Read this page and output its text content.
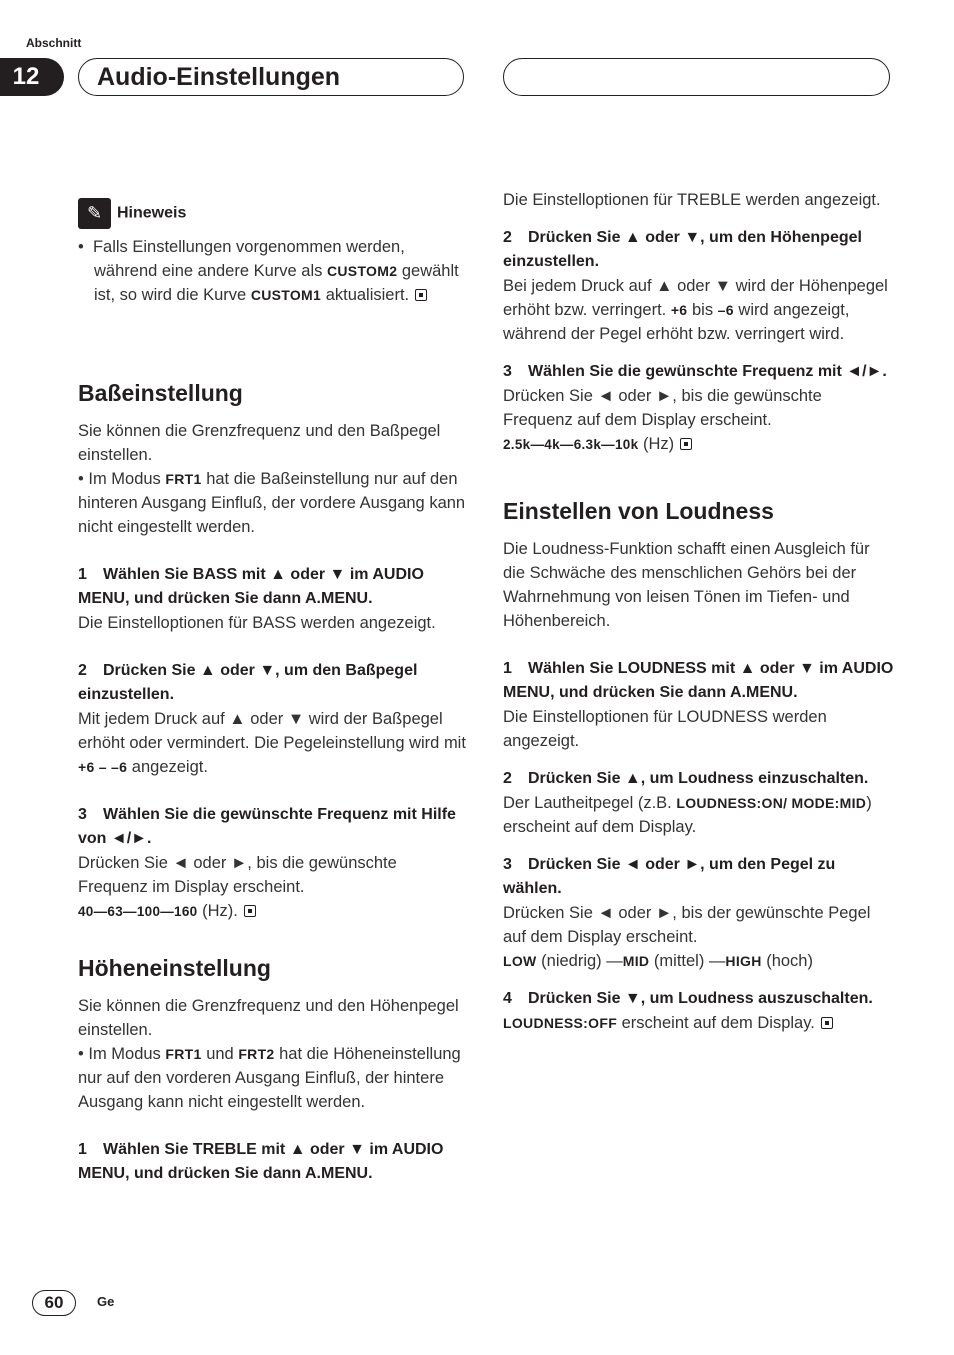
Abschnitt
12	Audio-Einstellungen
✎ Hineweis

•  Falls Einstellungen vorgenommen werden, während eine andere Kurve als CUSTOM2 gewählt ist, so wird die Kurve CUSTOM1 aktualisiert.

Baßeinstellung

Sie können die Grenzfrequenz und den Baßpegel einstellen.

• Im Modus FRT1 hat die Baßeinstellung nur auf den hinteren Ausgang Einfluß, der vordere Ausgang kann nicht eingestellt werden.

1 Wählen Sie BASS mit ▲ oder ▼ im AUDIO MENU, und drücken Sie dann A.MENU.

Die Einstelloptionen für BASS werden angezeigt.

2 Drücken Sie ▲ oder ▼, um den Baßpegel einzustellen.

Mit jedem Druck auf ▲ oder ▼ wird der Baßpegel erhöht oder vermindert. Die Pegeleinstellung wird mit +6 – –6 angezeigt.

3 Wählen Sie die gewünschte Frequenz mit Hilfe von ◄/►.

Drücken Sie ◄ oder ►, bis die gewünschte Frequenz im Display erscheint.

40—63—100—160 (Hz).

Höheneinstellung

Sie können die Grenzfrequenz und den Höhenpegel einstellen.

• Im Modus FRT1 und FRT2 hat die Höheneinstellung nur auf den vorderen Ausgang Einfluß, der hintere Ausgang kann nicht eingestellt werden.

1 Wählen Sie TREBLE mit ▲ oder ▼ im AUDIO MENU, und drücken Sie dann A.MENU.

Die Einstelloptionen für TREBLE werden angezeigt.

2 Drücken Sie ▲ oder ▼, um den Höhenpegel einzustellen.

Bei jedem Druck auf ▲ oder ▼ wird der Höhenpegel erhöht bzw. verringert. +6 bis –6 wird angezeigt, während der Pegel erhöht bzw. verringert wird.

3 Wählen Sie die gewünschte Frequenz mit ◄/►.

Drücken Sie ◄ oder ►, bis die gewünschte Frequenz auf dem Display erscheint.

2.5k—4k—6.3k—10k (Hz)

Einstellen von Loudness

Die Loudness-Funktion schafft einen Ausgleich für die Schwäche des menschlichen Gehörs bei der Wahrnehmung von leisen Tönen im Tiefen- und Höhenbereich.

1 Wählen Sie LOUDNESS mit ▲ oder ▼ im AUDIO MENU, und drücken Sie dann A.MENU.

Die Einstelloptionen für LOUDNESS werden angezeigt.

2 Drücken Sie ▲, um Loudness einzuschalten.

Der Lautheitpegel (z.B. LOUDNESS:ON/ MODE:MID) erscheint auf dem Display.

3 Drücken Sie ◄ oder ►, um den Pegel zu wählen.

Drücken Sie ◄ oder ►, bis der gewünschte Pegel auf dem Display erscheint.

LOW (niedrig) —MID (mittel) —HIGH (hoch)

4 Drücken Sie ▼, um Loudness auszuschalten.

LOUDNESS:OFF erscheint auf dem Display.

60	Ge
